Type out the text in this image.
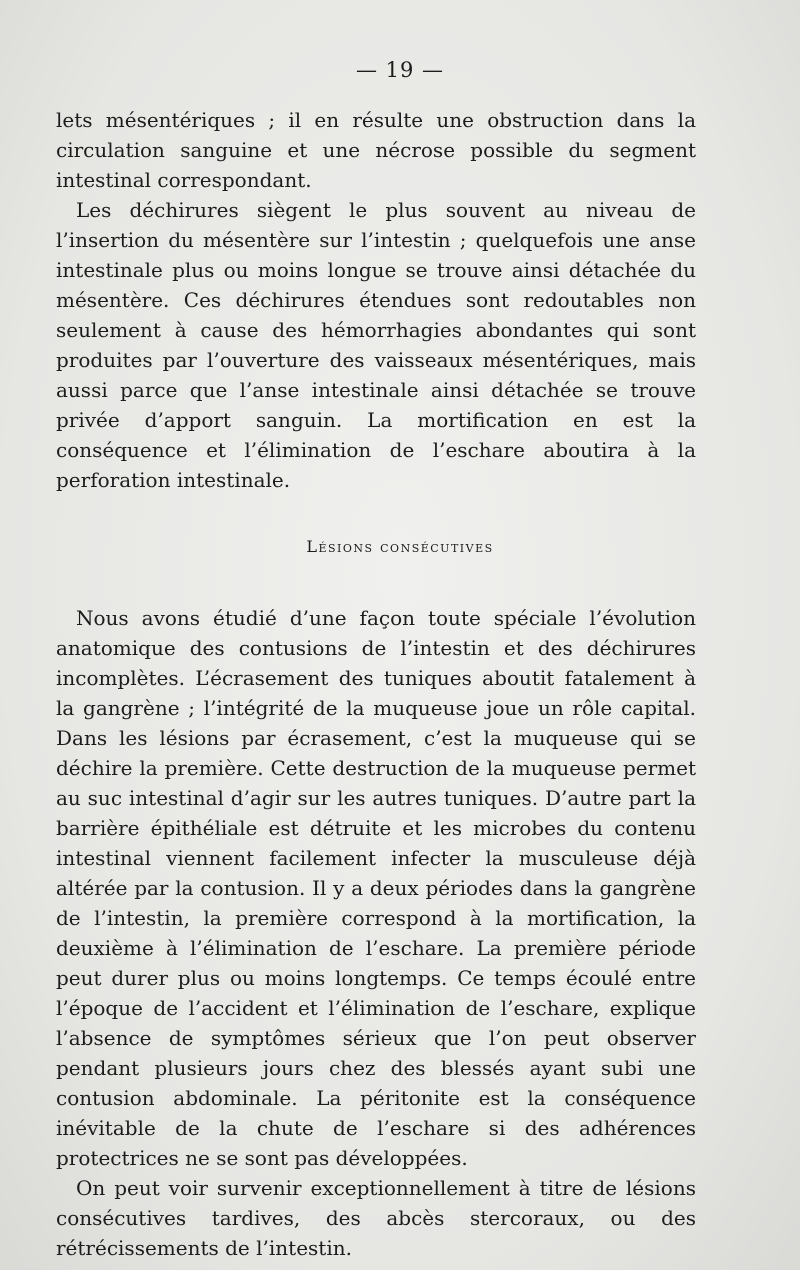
— 19 —

lets mésentériques ; il en résulte une obstruction dans la circulation sanguine et une nécrose possible du segment intestinal correspondant.

Les déchirures siègent le plus souvent au niveau de l’insertion du mésentère sur l’intestin ; quelquefois une anse intestinale plus ou moins longue se trouve ainsi détachée du mésentère. Ces déchirures étendues sont redoutables non seulement à cause des hémorrhagies abondantes qui sont produites par l’ouverture des vaisseaux mésentériques, mais aussi parce que l’anse intestinale ainsi détachée se trouve privée d’apport sanguin. La mortification en est la conséquence et l’élimination de l’eschare aboutira à la perforation intestinale.

Lésions consécutives

Nous avons étudié d’une façon toute spéciale l’évolution anatomique des contusions de l’intestin et des déchirures incomplètes. L’écrasement des tuniques aboutit fatalement à la gangrène ; l’intégrité de la muqueuse joue un rôle capital. Dans les lésions par écrasement, c’est la muqueuse qui se déchire la première. Cette destruction de la muqueuse permet au suc intestinal d’agir sur les autres tuniques. D’autre part la barrière épithéliale est détruite et les microbes du contenu intestinal viennent facilement infecter la musculeuse déjà altérée par la contusion. Il y a deux périodes dans la gangrène de l’intestin, la première correspond à la mortification, la deuxième à l’élimination de l’eschare. La première période peut durer plus ou moins longtemps. Ce temps écoulé entre l’époque de l’accident et l’élimination de l’eschare, explique l’absence de symptômes sérieux que l’on peut observer pendant plusieurs jours chez des blessés ayant subi une contusion abdominale. La péritonite est la conséquence inévitable de la chute de l’eschare si des adhérences protectrices ne se sont pas développées.

On peut voir survenir exceptionnellement à titre de lésions consécutives tardives, des abcès stercoraux, ou des rétrécissements de l’intestin.
